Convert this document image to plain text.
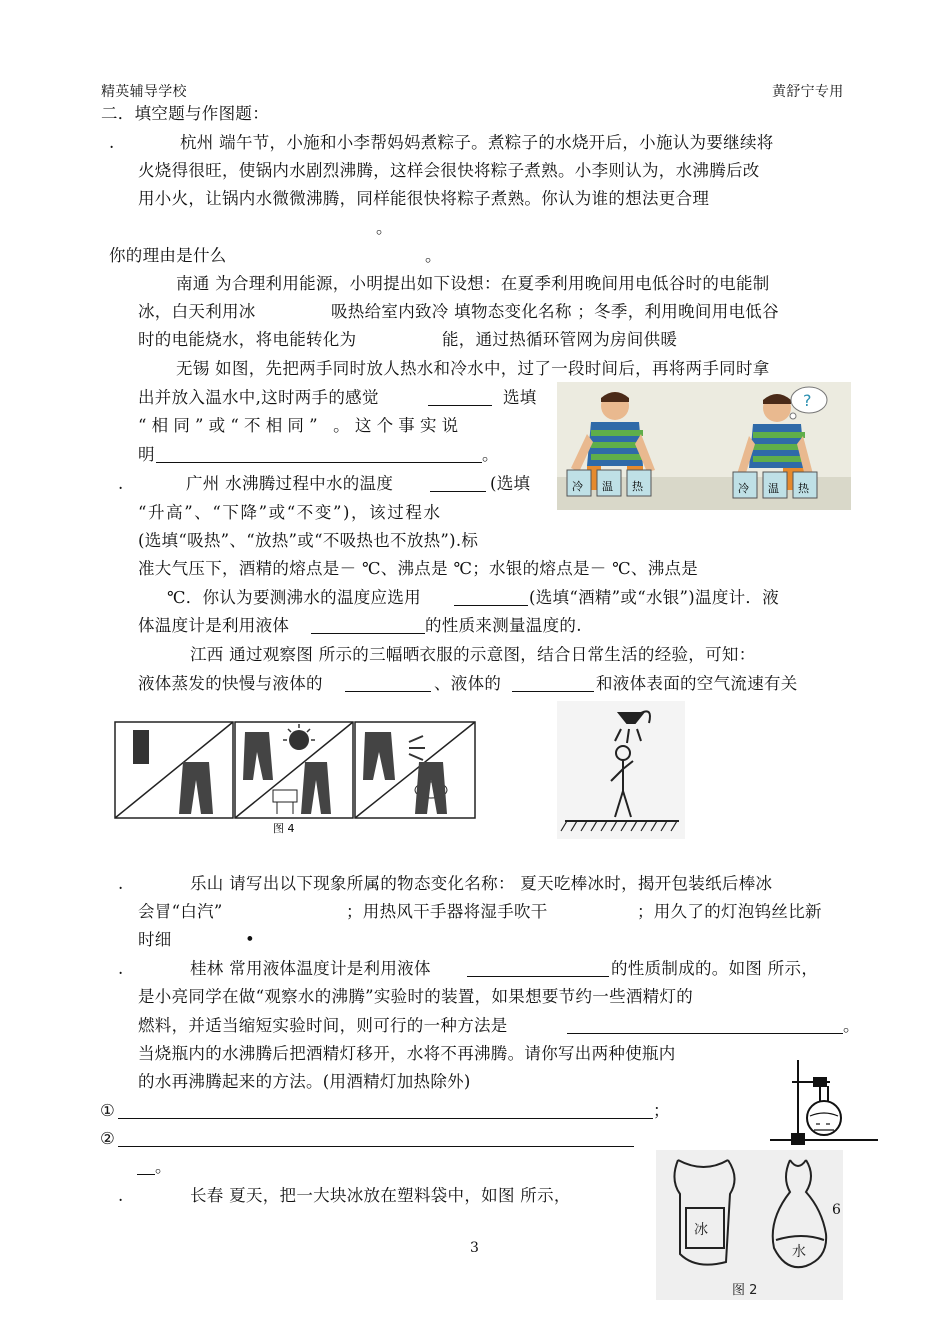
精英辅导学校	黄舒宁专用
二．填空题与作图题：
.	杭州 端午节，小施和小李帮妈妈煮粽子。煮粽子的水烧开后，小施认为要继续将
火烧得很旺，使锅内水剧烈沸腾，这样会很快将粽子煮熟。小李则认为，水沸腾后改
用小火，让锅内水微微沸腾，同样能很快将粽子煮熟。你认为谁的想法更合理
。
你的理由是什么	。
南通 为合理利用能源，小明提出如下设想：在夏季利用晚间用电低谷时的电能制
冰，白天利用冰	吸热给室内致冷 填物态变化名称 ；冬季，利用晚间用电低谷
时的电能烧水，将电能转化为	能，通过热循环管网为房间供暖
无锡 如图，先把两手同时放人热水和冷水中，过了一段时间后，再将两手同时拿
出并放入温水中,这时两手的感觉	选填
“相同”或“不相同” 。这个事实说
明	。
?
冷 温 热	冷 温 热
.	广州 水沸腾过程中水的温度	(选填
“升高”、“下降”或“不变”)，该过程水
(选填“吸热”、“放热”或“不吸热也不放热”).标
准大气压下，酒精的熔点是－ ℃、沸点是 ℃；水银的熔点是－ ℃、沸点是
℃．你认为要测沸水的温度应选用	(选填“酒精”或“水银”)温度计．液
体温度计是利用液体	的性质来测量温度的.
江西 通过观察图 所示的三幅晒衣服的示意图，结合日常生活的经验，可知：
液体蒸发的快慢与液体的	、液体的	和液体表面的空气流速有关
图 4
.	乐山 请写出以下现象所属的物态变化名称： 夏天吃棒冰时，揭开包装纸后棒冰
会冒“白汽”	；用热风干手器将湿手吹干	；用久了的灯泡钨丝比新
时细	•
.	桂林 常用液体温度计是利用液体	的性质制成的。如图 所示，
是小亮同学在做“观察水的沸腾”实验时的装置，如果想要节约一些酒精灯的
燃料，并适当缩短实验时间，则可行的一种方法是	。
当烧瓶内的水沸腾后把酒精灯移开，水将不再沸腾。请你写出两种使瓶内
的水再沸腾起来的方法。(用酒精灯加热除外)
①	；
②
。
.	长春 夏天，把一大块冰放在塑料袋中，如图 所示，
冰
水
图 2
3
6
